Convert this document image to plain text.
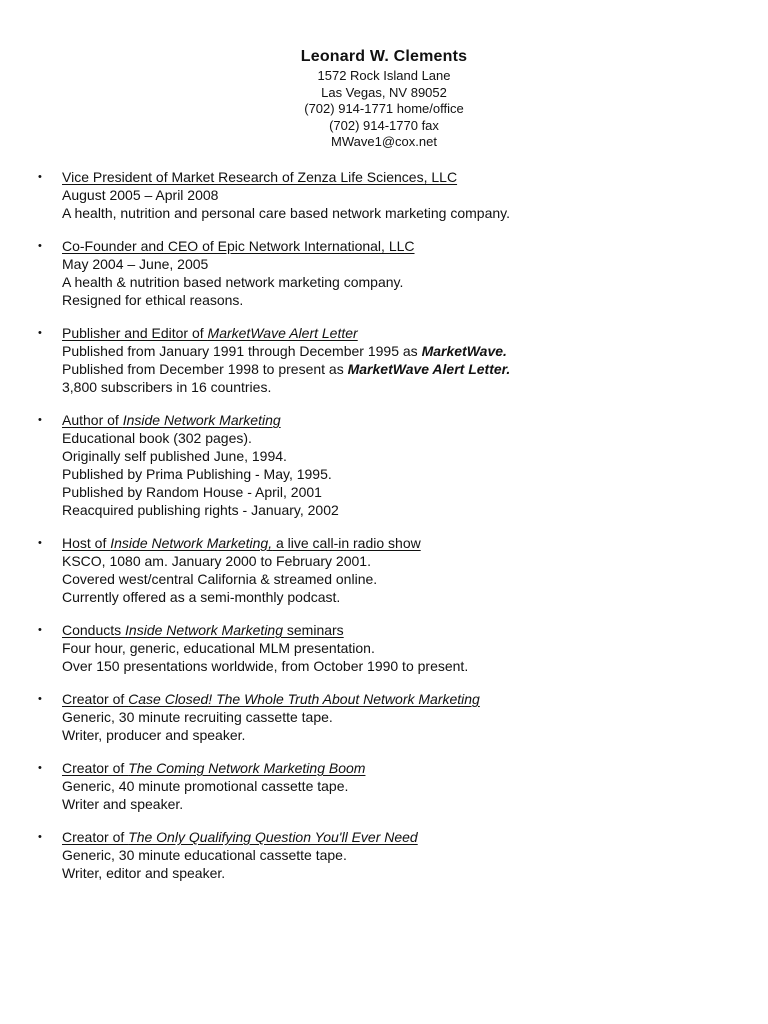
Leonard W. Clements
1572 Rock Island Lane
Las Vegas, NV 89052
(702) 914-1771 home/office
(702) 914-1770 fax
MWave1@cox.net
• Vice President of Market Research of Zenza Life Sciences, LLC
August 2005 – April 2008
A health, nutrition and personal care based network marketing company.
• Co-Founder and CEO of Epic Network International, LLC
May 2004 – June, 2005
A health & nutrition based network marketing company.
Resigned for ethical reasons.
• Publisher and Editor of MarketWave Alert Letter
Published from January 1991 through December 1995 as MarketWave.
Published from December 1998 to present as MarketWave Alert Letter.
3,800 subscribers in 16 countries.
• Author of Inside Network Marketing
Educational book (302 pages).
Originally self published June, 1994.
Published by Prima Publishing - May, 1995.
Published by Random House - April, 2001
Reacquired publishing rights - January, 2002
• Host of Inside Network Marketing, a live call-in radio show
KSCO, 1080 am. January 2000 to February 2001.
Covered west/central California & streamed online.
Currently offered as a semi-monthly podcast.
• Conducts Inside Network Marketing seminars
Four hour, generic, educational MLM presentation.
Over 150 presentations worldwide, from October 1990 to present.
• Creator of Case Closed! The Whole Truth About Network Marketing
Generic, 30 minute recruiting cassette tape.
Writer, producer and speaker.
• Creator of The Coming Network Marketing Boom
Generic, 40 minute promotional cassette tape.
Writer and speaker.
• Creator of The Only Qualifying Question You'll Ever Need
Generic, 30 minute educational cassette tape.
Writer, editor and speaker.
